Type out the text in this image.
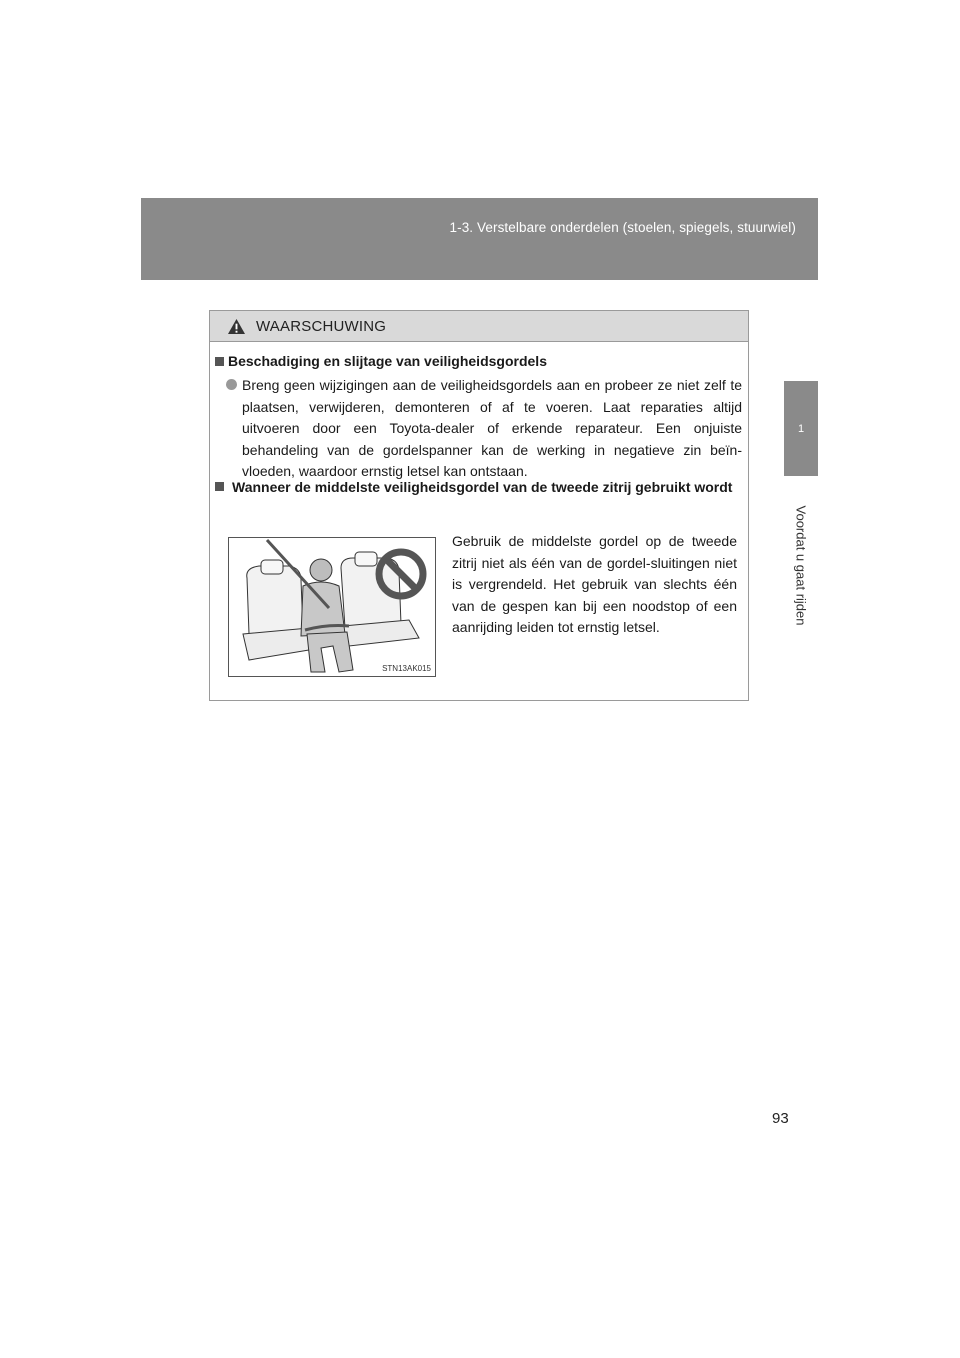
1-3. Verstelbare onderdelen (stoelen, spiegels, stuurwiel)
1
Voordat u gaat rijden
WAARSCHUWING
Beschadiging en slijtage van veiligheidsgordels
Breng geen wijzigingen aan de veiligheidsgordels aan en probeer ze niet zelf te plaatsen, verwijderen, demonteren of af te voeren. Laat reparaties altijd uitvoeren door een Toyota-dealer of erkende reparateur. Een onjuiste behandeling van de gordelspanner kan de werking in negatieve zin beïn-vloeden, waardoor ernstig letsel kan ontstaan.
Wanneer de middelste veiligheidsgordel van de tweede zitrij gebruikt wordt
STN13AK015
Gebruik de middelste gordel op de tweede zitrij niet als één van de gordel-sluitingen niet is vergrendeld. Het gebruik van slechts één van de gespen kan bij een noodstop of een aanrijding leiden tot ernstig letsel.
93
